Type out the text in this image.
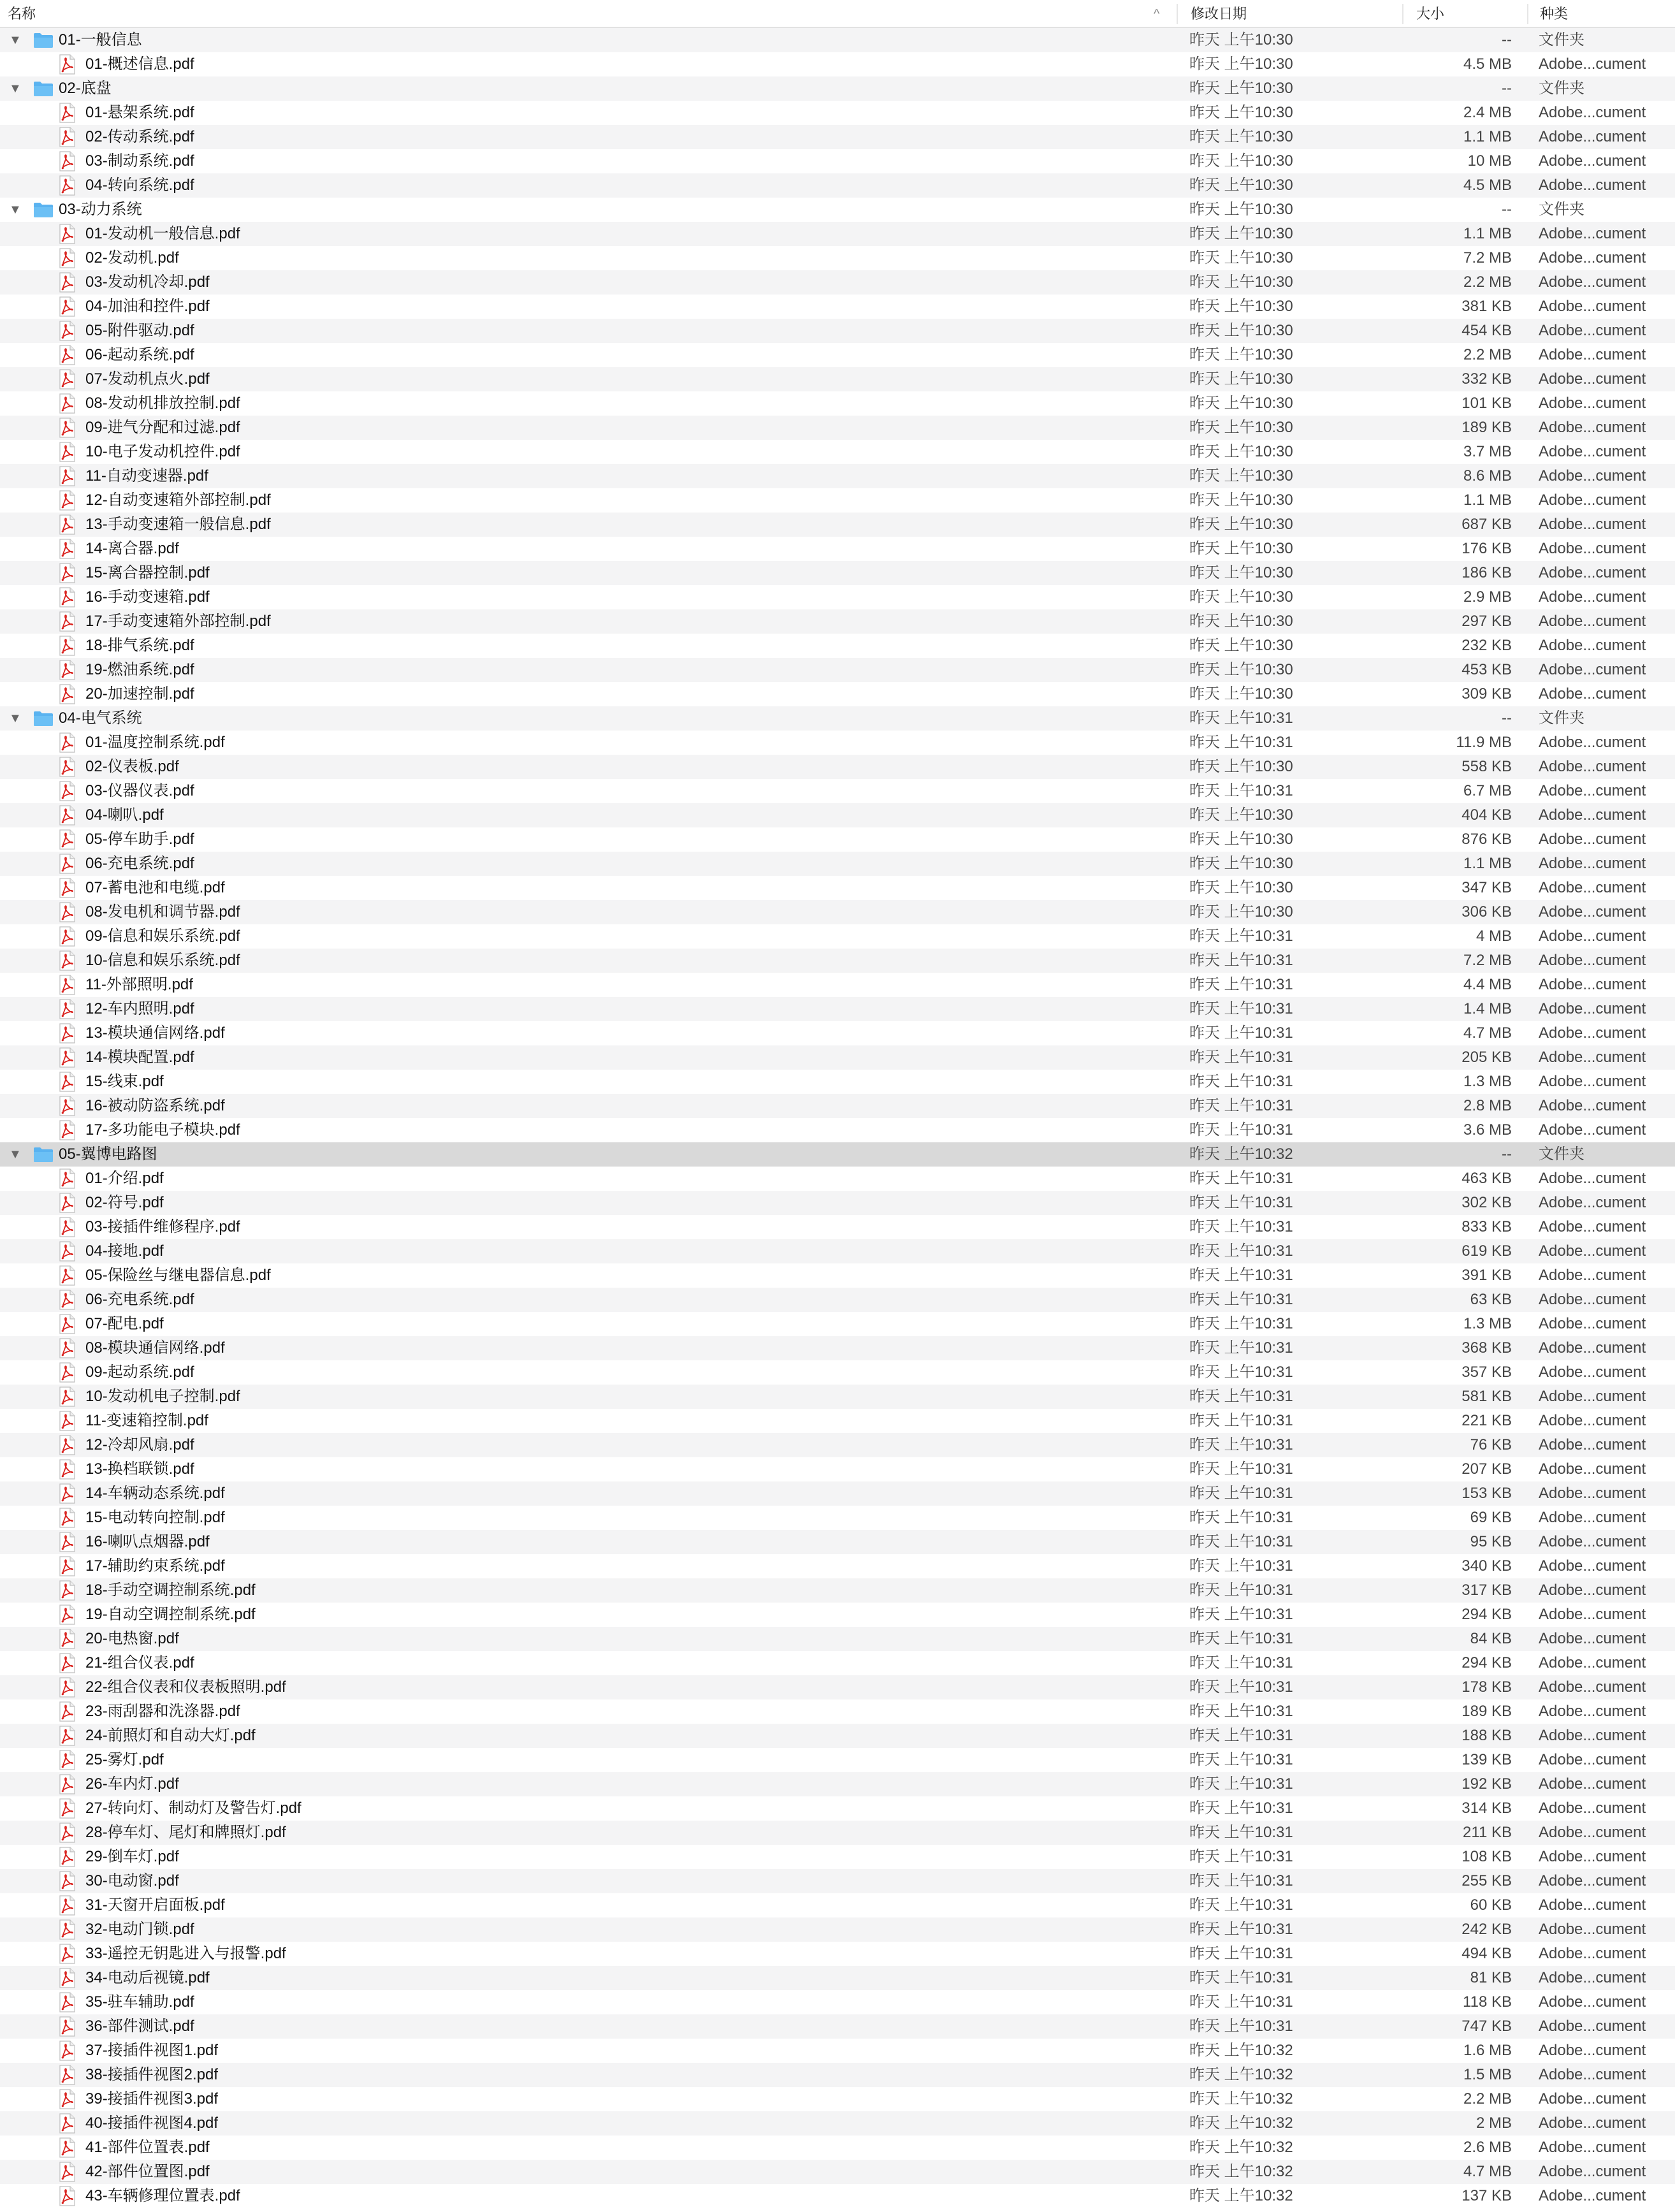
名称	^ 修改日期	大小	种类
▼ 01-一般信息	昨天 上午10:30	-- 文件夹
01-概述信息.pdf	昨天 上午10:30	4.5 MB Adobe...cument
▼ 02-底盘	昨天 上午10:30	-- 文件夹
01-悬架系统.pdf	昨天 上午10:30	2.4 MB Adobe...cument
02-传动系统.pdf	昨天 上午10:30	1.1 MB Adobe...cument
03-制动系统.pdf	昨天 上午10:30	10 MB Adobe...cument
04-转向系统.pdf	昨天 上午10:30	4.5 MB Adobe...cument
▼ 03-动力系统	昨天 上午10:30	-- 文件夹
01-发动机一般信息.pdf	昨天 上午10:30	1.1 MB Adobe...cument
02-发动机.pdf	昨天 上午10:30	7.2 MB Adobe...cument
03-发动机冷却.pdf	昨天 上午10:30	2.2 MB Adobe...cument
04-加油和控件.pdf	昨天 上午10:30	381 KB Adobe...cument
05-附件驱动.pdf	昨天 上午10:30	454 KB Adobe...cument
06-起动系统.pdf	昨天 上午10:30	2.2 MB Adobe...cument
07-发动机点火.pdf	昨天 上午10:30	332 KB Adobe...cument
08-发动机排放控制.pdf	昨天 上午10:30	101 KB Adobe...cument
09-进气分配和过滤.pdf	昨天 上午10:30	189 KB Adobe...cument
10-电子发动机控件.pdf	昨天 上午10:30	3.7 MB Adobe...cument
11-自动变速器.pdf	昨天 上午10:30	8.6 MB Adobe...cument
12-自动变速箱外部控制.pdf	昨天 上午10:30	1.1 MB Adobe...cument
13-手动变速箱一般信息.pdf	昨天 上午10:30	687 KB Adobe...cument
14-离合器.pdf	昨天 上午10:30	176 KB Adobe...cument
15-离合器控制.pdf	昨天 上午10:30	186 KB Adobe...cument
16-手动变速箱.pdf	昨天 上午10:30	2.9 MB Adobe...cument
17-手动变速箱外部控制.pdf	昨天 上午10:30	297 KB Adobe...cument
18-排气系统.pdf	昨天 上午10:30	232 KB Adobe...cument
19-燃油系统.pdf	昨天 上午10:30	453 KB Adobe...cument
20-加速控制.pdf	昨天 上午10:30	309 KB Adobe...cument
▼ 04-电气系统	昨天 上午10:31	-- 文件夹
01-温度控制系统.pdf	昨天 上午10:31	11.9 MB Adobe...cument
02-仪表板.pdf	昨天 上午10:30	558 KB Adobe...cument
03-仪器仪表.pdf	昨天 上午10:31	6.7 MB Adobe...cument
04-喇叭.pdf	昨天 上午10:30	404 KB Adobe...cument
05-停车助手.pdf	昨天 上午10:30	876 KB Adobe...cument
06-充电系统.pdf	昨天 上午10:30	1.1 MB Adobe...cument
07-蓄电池和电缆.pdf	昨天 上午10:30	347 KB Adobe...cument
08-发电机和调节器.pdf	昨天 上午10:30	306 KB Adobe...cument
09-信息和娱乐系统.pdf	昨天 上午10:31	4 MB Adobe...cument
10-信息和娱乐系统.pdf	昨天 上午10:31	7.2 MB Adobe...cument
11-外部照明.pdf	昨天 上午10:31	4.4 MB Adobe...cument
12-车内照明.pdf	昨天 上午10:31	1.4 MB Adobe...cument
13-模块通信网络.pdf	昨天 上午10:31	4.7 MB Adobe...cument
14-模块配置.pdf	昨天 上午10:31	205 KB Adobe...cument
15-线束.pdf	昨天 上午10:31	1.3 MB Adobe...cument
16-被动防盗系统.pdf	昨天 上午10:31	2.8 MB Adobe...cument
17-多功能电子模块.pdf	昨天 上午10:31	3.6 MB Adobe...cument
▼ 05-翼博电路图	昨天 上午10:32	-- 文件夹
01-介绍.pdf	昨天 上午10:31	463 KB Adobe...cument
02-符号.pdf	昨天 上午10:31	302 KB Adobe...cument
03-接插件维修程序.pdf	昨天 上午10:31	833 KB Adobe...cument
04-接地.pdf	昨天 上午10:31	619 KB Adobe...cument
05-保险丝与继电器信息.pdf	昨天 上午10:31	391 KB Adobe...cument
06-充电系统.pdf	昨天 上午10:31	63 KB Adobe...cument
07-配电.pdf	昨天 上午10:31	1.3 MB Adobe...cument
08-模块通信网络.pdf	昨天 上午10:31	368 KB Adobe...cument
09-起动系统.pdf	昨天 上午10:31	357 KB Adobe...cument
10-发动机电子控制.pdf	昨天 上午10:31	581 KB Adobe...cument
11-变速箱控制.pdf	昨天 上午10:31	221 KB Adobe...cument
12-冷却风扇.pdf	昨天 上午10:31	76 KB Adobe...cument
13-换档联锁.pdf	昨天 上午10:31	207 KB Adobe...cument
14-车辆动态系统.pdf	昨天 上午10:31	153 KB Adobe...cument
15-电动转向控制.pdf	昨天 上午10:31	69 KB Adobe...cument
16-喇叭点烟器.pdf	昨天 上午10:31	95 KB Adobe...cument
17-辅助约束系统.pdf	昨天 上午10:31	340 KB Adobe...cument
18-手动空调控制系统.pdf	昨天 上午10:31	317 KB Adobe...cument
19-自动空调控制系统.pdf	昨天 上午10:31	294 KB Adobe...cument
20-电热窗.pdf	昨天 上午10:31	84 KB Adobe...cument
21-组合仪表.pdf	昨天 上午10:31	294 KB Adobe...cument
22-组合仪表和仪表板照明.pdf	昨天 上午10:31	178 KB Adobe...cument
23-雨刮器和洗涤器.pdf	昨天 上午10:31	189 KB Adobe...cument
24-前照灯和自动大灯.pdf	昨天 上午10:31	188 KB Adobe...cument
25-雾灯.pdf	昨天 上午10:31	139 KB Adobe...cument
26-车内灯.pdf	昨天 上午10:31	192 KB Adobe...cument
27-转向灯、制动灯及警告灯.pdf	昨天 上午10:31	314 KB Adobe...cument
28-停车灯、尾灯和牌照灯.pdf	昨天 上午10:31	211 KB Adobe...cument
29-倒车灯.pdf	昨天 上午10:31	108 KB Adobe...cument
30-电动窗.pdf	昨天 上午10:31	255 KB Adobe...cument
31-天窗开启面板.pdf	昨天 上午10:31	60 KB Adobe...cument
32-电动门锁.pdf	昨天 上午10:31	242 KB Adobe...cument
33-遥控无钥匙进入与报警.pdf	昨天 上午10:31	494 KB Adobe...cument
34-电动后视镜.pdf	昨天 上午10:31	81 KB Adobe...cument
35-驻车辅助.pdf	昨天 上午10:31	118 KB Adobe...cument
36-部件测试.pdf	昨天 上午10:31	747 KB Adobe...cument
37-接插件视图1.pdf	昨天 上午10:32	1.6 MB Adobe...cument
38-接插件视图2.pdf	昨天 上午10:32	1.5 MB Adobe...cument
39-接插件视图3.pdf	昨天 上午10:32	2.2 MB Adobe...cument
40-接插件视图4.pdf	昨天 上午10:32	2 MB Adobe...cument
41-部件位置表.pdf	昨天 上午10:32	2.6 MB Adobe...cument
42-部件位置图.pdf	昨天 上午10:32	4.7 MB Adobe...cument
43-车辆修理位置表.pdf	昨天 上午10:32	137 KB Adobe...cument
